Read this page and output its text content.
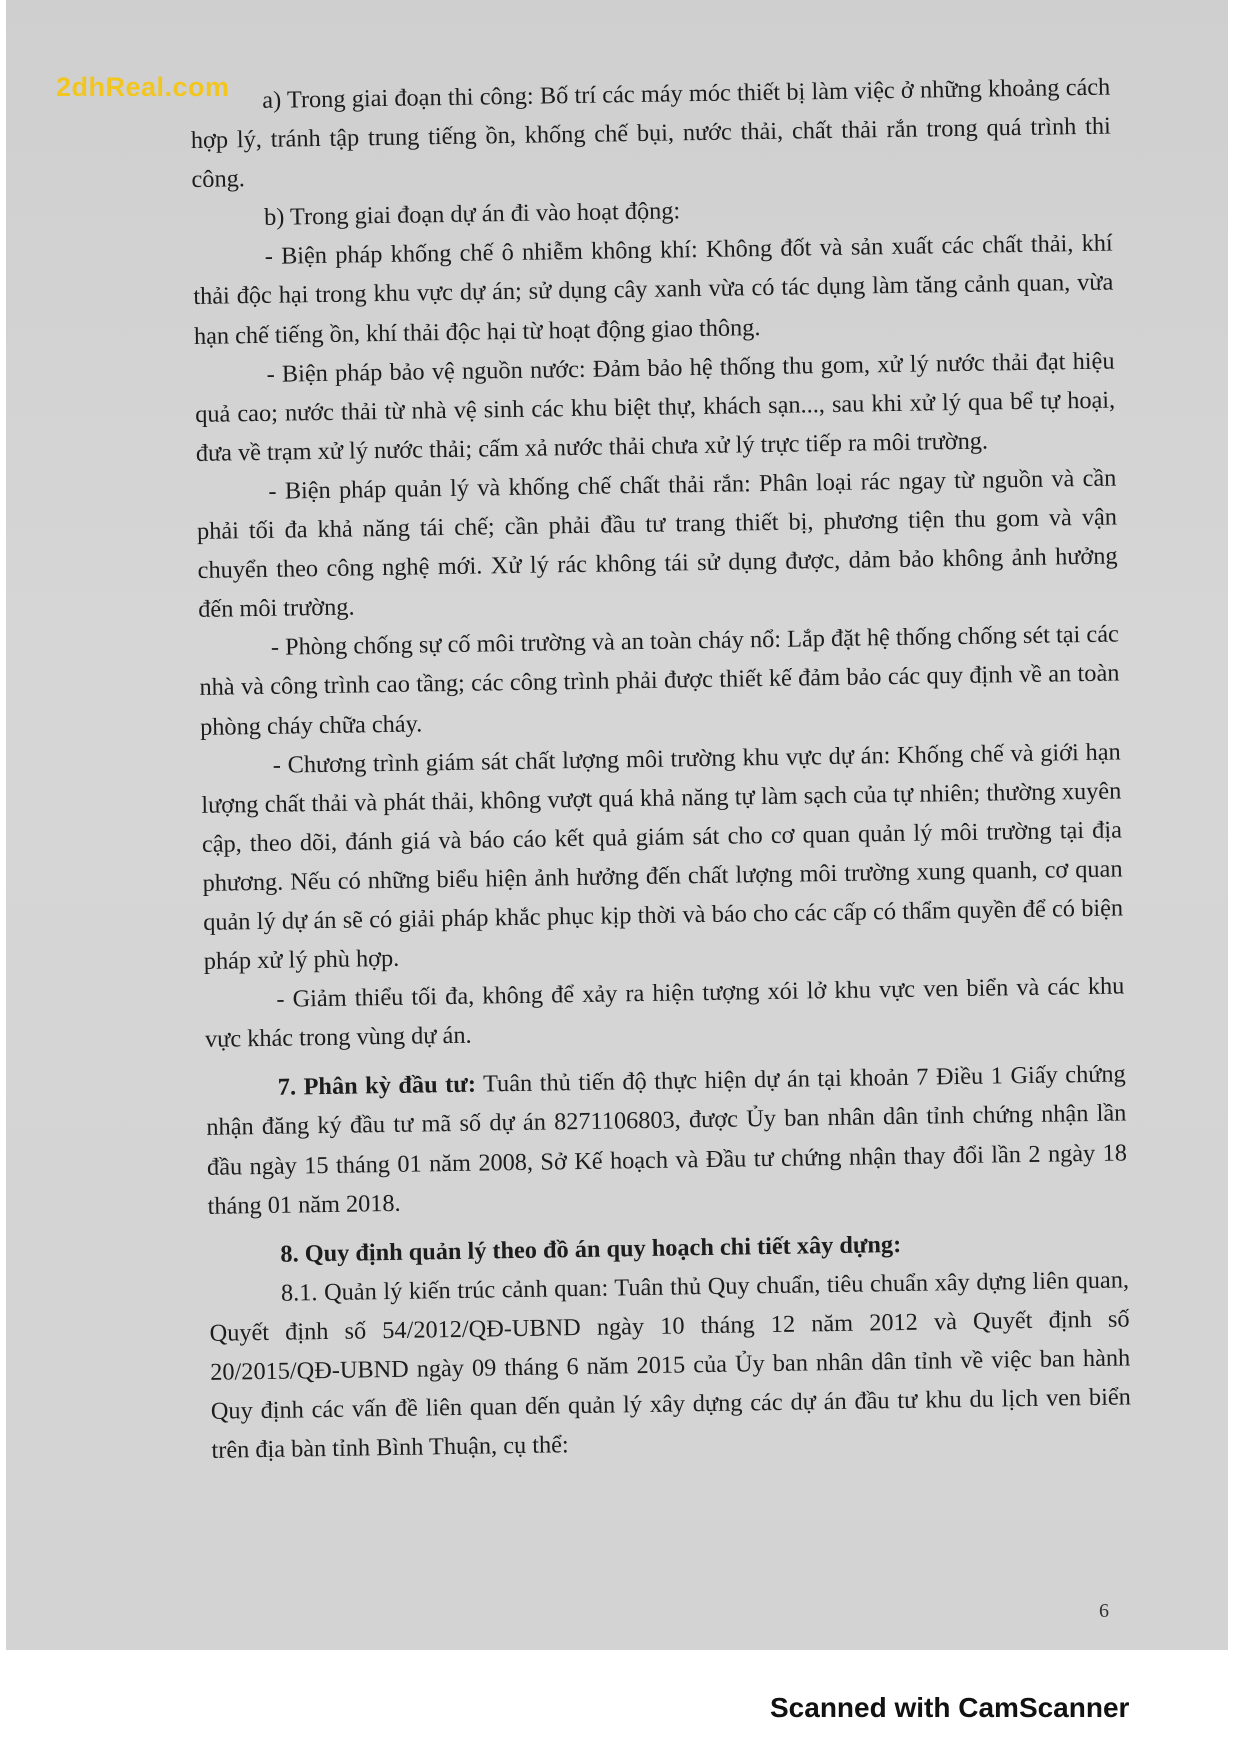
2dhReal.com	a) Trong giai đoạn thi công: Bố trí các máy móc thiết bị làm việc ở những khoảng cách hợp lý, tránh tập trung tiếng ồn, khống chế bụi, nước thải, chất thải rắn trong quá trình thi công.

b) Trong giai đoạn dự án đi vào hoạt động:

- Biện pháp khống chế ô nhiễm không khí: Không đốt và sản xuất các chất thải, khí thải độc hại trong khu vực dự án; sử dụng cây xanh vừa có tác dụng làm tăng cảnh quan, vừa hạn chế tiếng ồn, khí thải độc hại từ hoạt động giao thông.

- Biện pháp bảo vệ nguồn nước: Đảm bảo hệ thống thu gom, xử lý nước thải đạt hiệu quả cao; nước thải từ nhà vệ sinh các khu biệt thự, khách sạn..., sau khi xử lý qua bể tự hoại, đưa về trạm xử lý nước thải; cấm xả nước thải chưa xử lý trực tiếp ra môi trường.

- Biện pháp quản lý và khống chế chất thải rắn: Phân loại rác ngay từ nguồn và cần phải tối đa khả năng tái chế; cần phải đầu tư trang thiết bị, phương tiện thu gom và vận chuyển theo công nghệ mới. Xử lý rác không tái sử dụng được, dảm bảo không ảnh hưởng đến môi trường.

- Phòng chống sự cố môi trường và an toàn cháy nổ: Lắp đặt hệ thống chống sét tại các nhà và công trình cao tầng; các công trình phải được thiết kế đảm bảo các quy định về an toàn phòng cháy chữa cháy.

- Chương trình giám sát chất lượng môi trường khu vực dự án: Khống chế và giới hạn lượng chất thải và phát thải, không vượt quá khả năng tự làm sạch của tự nhiên; thường xuyên cập, theo dõi, đánh giá và báo cáo kết quả giám sát cho cơ quan quản lý môi trường tại địa phương. Nếu có những biểu hiện ảnh hưởng đến chất lượng môi trường xung quanh, cơ quan quản lý dự án sẽ có giải pháp khắc phục kịp thời và báo cho các cấp có thẩm quyền để có biện pháp xử lý phù hợp.

- Giảm thiểu tối đa, không để xảy ra hiện tượng xói lở khu vực ven biển và các khu vực khác trong vùng dự án.

7. Phân kỳ đầu tư: Tuân thủ tiến độ thực hiện dự án tại khoản 7 Điều 1 Giấy chứng nhận đăng ký đầu tư mã số dự án 8271106803, được Ủy ban nhân dân tỉnh chứng nhận lần đầu ngày 15 tháng 01 năm 2008, Sở Kế hoạch và Đầu tư chứng nhận thay đổi lần 2 ngày 18 tháng 01 năm 2018.

8. Quy định quản lý theo đồ án quy hoạch chi tiết xây dựng:

8.1. Quản lý kiến trúc cảnh quan: Tuân thủ Quy chuẩn, tiêu chuẩn xây dựng liên quan, Quyết định số 54/2012/QĐ-UBND ngày 10 tháng 12 năm 2012 và Quyết định số 20/2015/QĐ-UBND ngày 09 tháng 6 năm 2015 của Ủy ban nhân dân tỉnh về việc ban hành Quy định các vấn đề liên quan dến quản lý xây dựng các dự án đầu tư khu du lịch ven biển trên địa bàn tỉnh Bình Thuận, cụ thể:

6
Scanned with CamScanner
